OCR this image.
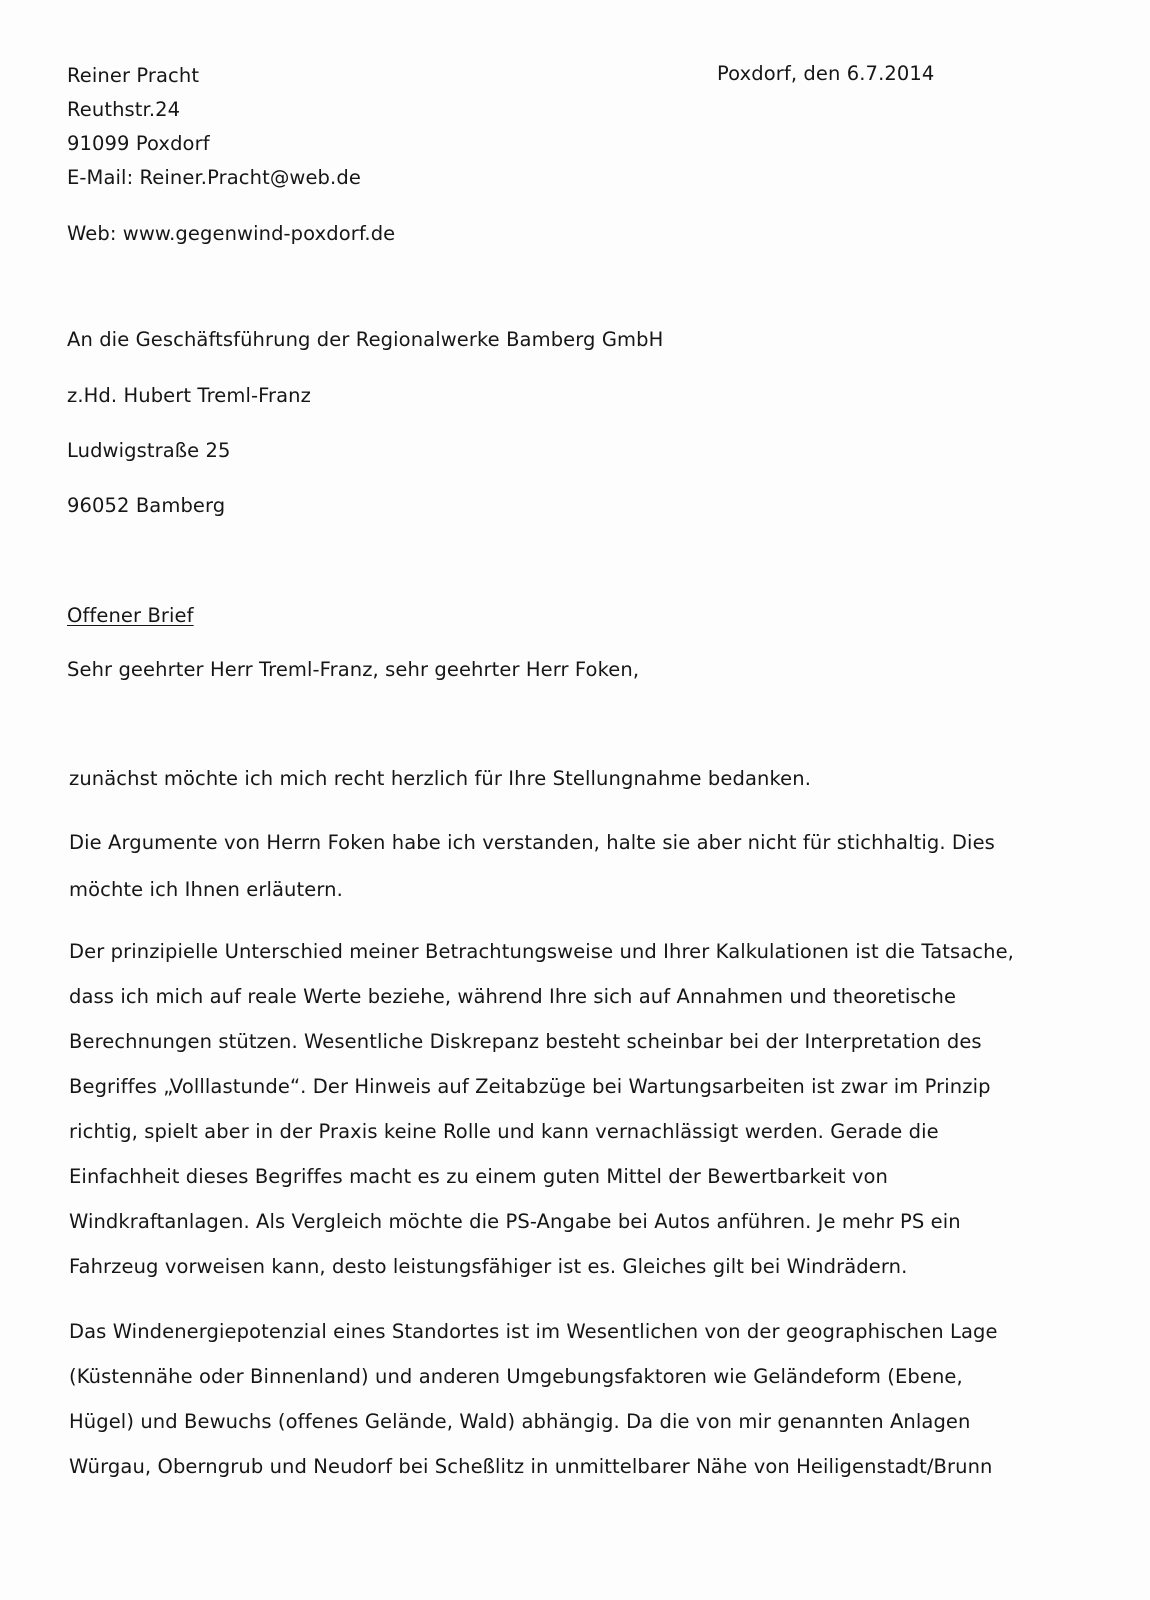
Reiner Pracht

Reuthstr.24

91099 Poxdorf

E-Mail: Reiner.Pracht@web.de

Web: www.gegenwind-poxdorf.de

Poxdorf, den 6.7.2014

An die Geschäftsführung der Regionalwerke Bamberg GmbH

z.Hd. Hubert Treml-Franz

Ludwigstraße 25

96052 Bamberg

Offener Brief

Sehr geehrter Herr Treml-Franz, sehr geehrter Herr Foken,

zunächst möchte ich mich recht herzlich für Ihre Stellungnahme bedanken.

Die Argumente von Herrn Foken habe ich verstanden, halte sie aber nicht für stichhaltig. Dies

möchte ich Ihnen erläutern.

Der prinzipielle Unterschied meiner Betrachtungsweise und Ihrer Kalkulationen ist die Tatsache,

dass ich mich auf reale Werte beziehe, während Ihre sich auf Annahmen und theoretische

Berechnungen stützen. Wesentliche Diskrepanz besteht scheinbar bei der Interpretation des

Begriffes „Volllastunde“. Der Hinweis auf Zeitabzüge bei Wartungsarbeiten ist zwar im Prinzip

richtig, spielt aber in der Praxis keine Rolle und kann vernachlässigt werden. Gerade die

Einfachheit dieses Begriffes macht es zu einem guten Mittel der Bewertbarkeit von

Windkraftanlagen. Als Vergleich möchte die PS-Angabe bei Autos anführen. Je mehr PS ein

Fahrzeug vorweisen kann, desto leistungsfähiger ist es. Gleiches gilt bei Windrädern.

Das Windenergiepotenzial eines Standortes ist im Wesentlichen von der geographischen Lage

(Küstennähe oder Binnenland) und anderen Umgebungsfaktoren wie Geländeform (Ebene,

Hügel) und Bewuchs (offenes Gelände, Wald) abhängig. Da die von mir genannten Anlagen

Würgau, Oberngrub und Neudorf bei Scheßlitz in unmittelbarer Nähe von Heiligenstadt/Brunn
